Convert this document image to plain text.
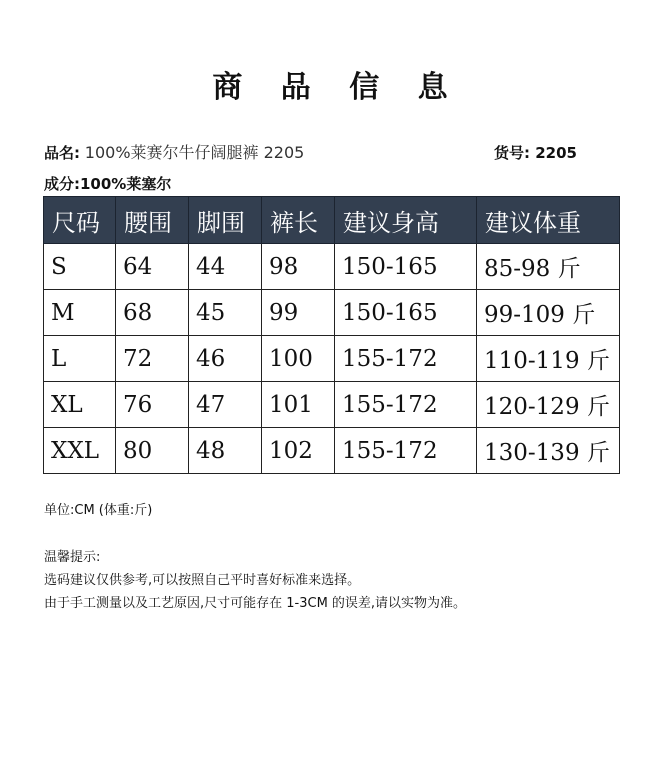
商 品 信 息
品名: 100%莱赛尔牛仔阔腿裤 2205	货号: 2205
成分:100%莱塞尔
尺码	腰围	脚围	裤长	建议身高	建议体重
S	64	44	98	150-165	85-98 斤
M	68	45	99	150-165	99-109 斤
L	72	46	100	155-172	110-119 斤
XL	76	47	101	155-172	120-129 斤
XXL	80	48	102	155-172	130-139 斤
单位:CM (体重:斤)
温馨提示:
选码建议仅供参考,可以按照自己平时喜好标准来选择。
由于手工测量以及工艺原因,尺寸可能存在 1-3CM 的误差,请以实物为准。
